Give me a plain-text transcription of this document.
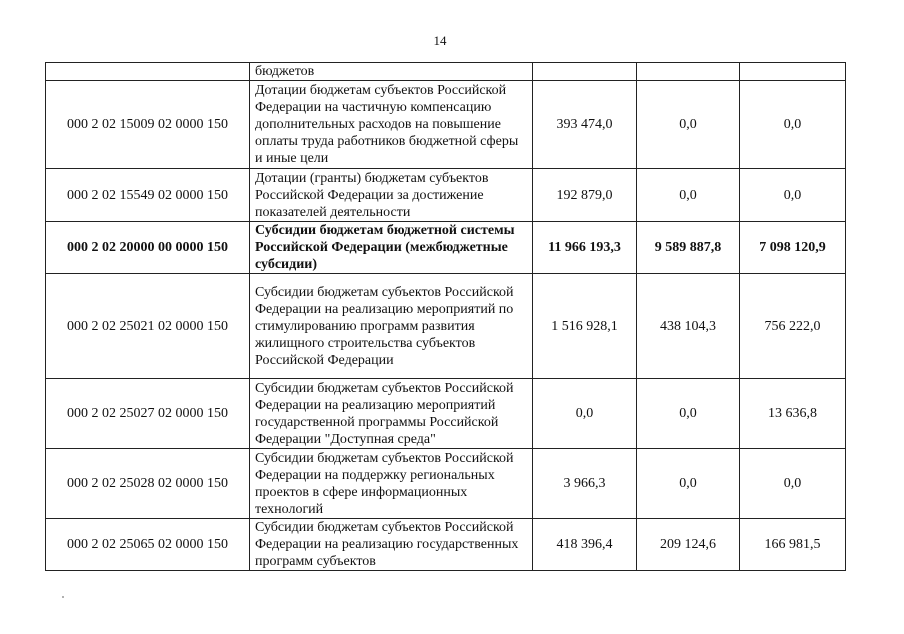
14
	бюджетов			
000 2 02 15009 02 0000 150	Дотации бюджетам субъектов Российской Федерации на частичную компенсацию дополнительных расходов на повышение оплаты труда работников бюджетной сферы и иные цели	393 474,0	0,0	0,0
000 2 02 15549 02 0000 150	Дотации (гранты) бюджетам субъектов Российской Федерации за достижение показателей деятельности	192 879,0	0,0	0,0
000 2 02 20000 00 0000 150	Субсидии бюджетам бюджетной системы Российской Федерации (межбюджетные субсидии)	11 966 193,3	9 589 887,8	7 098 120,9
000 2 02 25021 02 0000 150	Субсидии бюджетам субъектов Российской Федерации на реализацию мероприятий по стимулированию программ развития жилищного строительства субъектов Российской Федерации	1 516 928,1	438 104,3	756 222,0
000 2 02 25027 02 0000 150	Субсидии бюджетам субъектов Российской Федерации на реализацию мероприятий государственной программы Российской Федерации "Доступная среда"	0,0	0,0	13 636,8
000 2 02 25028 02 0000 150	Субсидии бюджетам субъектов Российской Федерации на поддержку региональных проектов в сфере информационных технологий	3 966,3	0,0	0,0
000 2 02 25065 02 0000 150	Субсидии бюджетам субъектов Российской Федерации на реализацию государственных программ субъектов	418 396,4	209 124,6	166 981,5
